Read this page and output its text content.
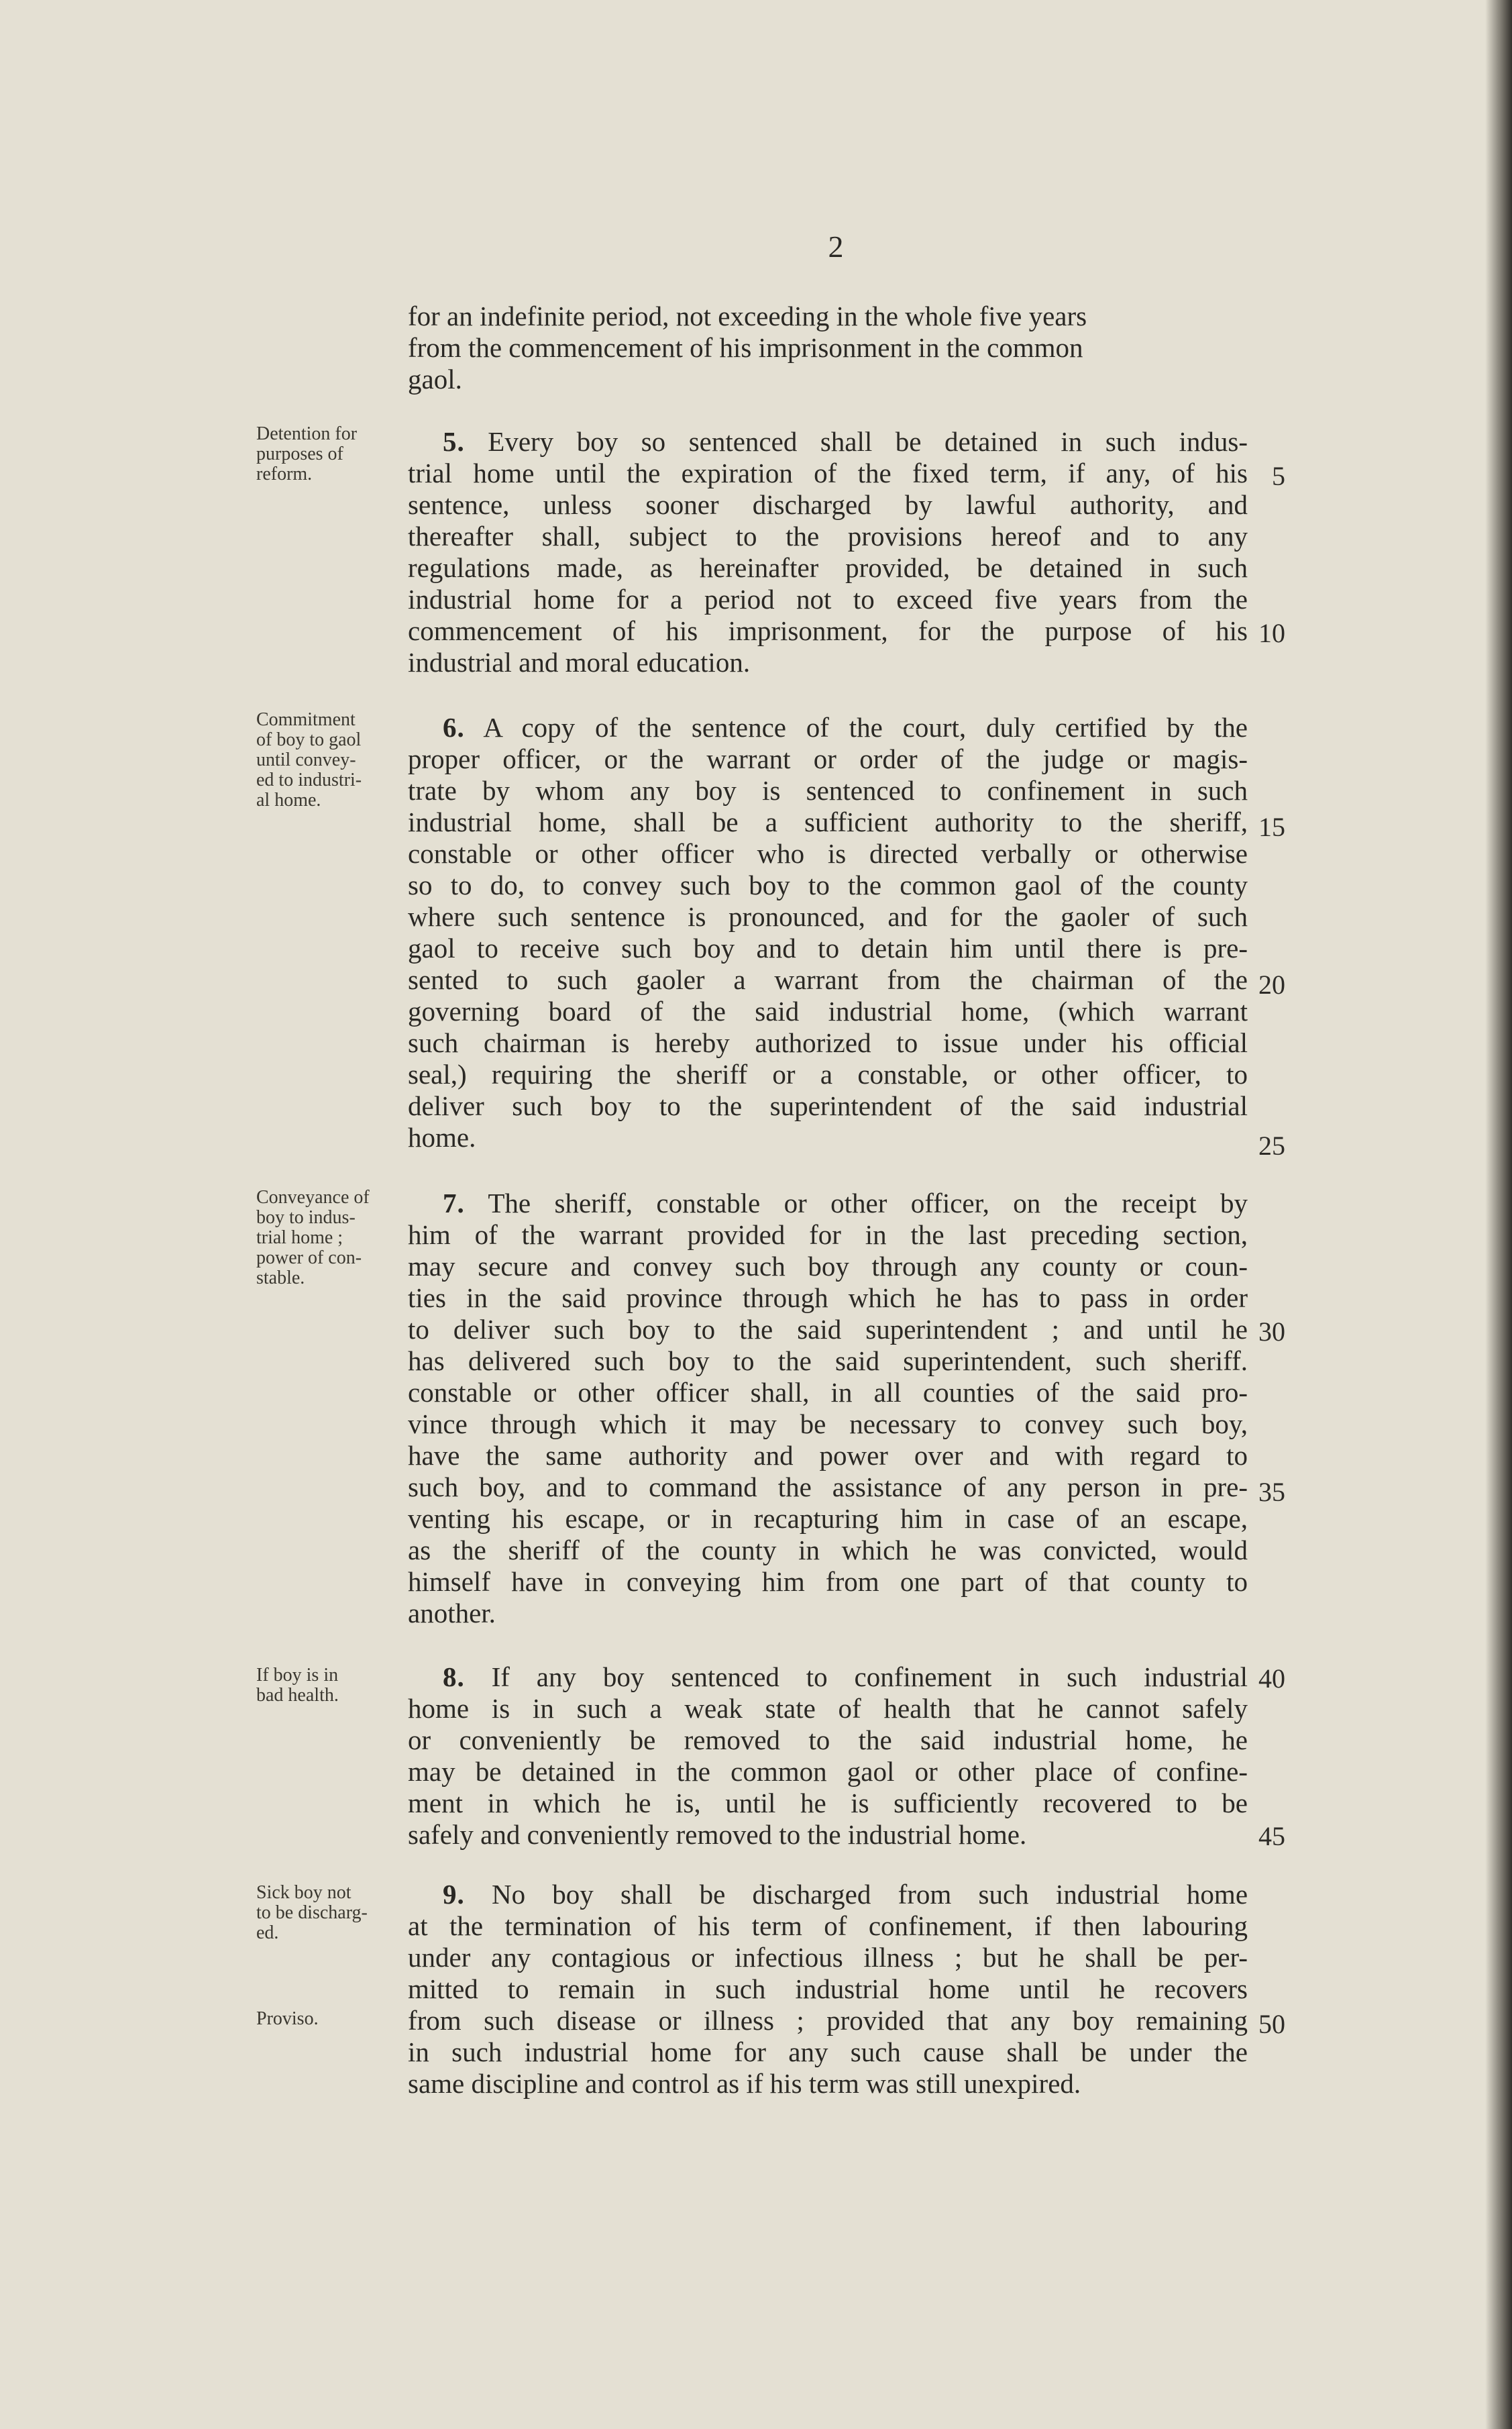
2
for an indefinite period, not exceeding in the whole five years
from the commencement of his imprisonment in the common
gaol.
Detention for
purposes of
reform.
5. Every boy so sentenced shall be detained in such indus-
trial home until the expiration of the fixed term, if any, of his
sentence, unless sooner discharged by lawful authority, and
thereafter shall, subject to the provisions hereof and to any
regulations made, as hereinafter provided, be detained in such
industrial home for a period not to exceed five years from the
commencement of his imprisonment, for the purpose of his
industrial and moral education.
Commitment
of boy to gaol
until convey-
ed to industri-
al home.
6. A copy of the sentence of the court, duly certified by the
proper officer, or the warrant or order of the judge or magis-
trate by whom any boy is sentenced to confinement in such
industrial home, shall be a sufficient authority to the sheriff,
constable or other officer who is directed verbally or otherwise
so to do, to convey such boy to the common gaol of the county
where such sentence is pronounced, and for the gaoler of such
gaol to receive such boy and to detain him until there is pre-
sented to such gaoler a warrant from the chairman of the
governing board of the said industrial home, (which warrant
such chairman is hereby authorized to issue under his official
seal,) requiring the sheriff or a constable, or other officer, to
deliver such boy to the superintendent of the said industrial
home.
Conveyance of
boy to indus-
trial home ;
power of con-
stable.
7. The sheriff, constable or other officer, on the receipt by
him of the warrant provided for in the last preceding section,
may secure and convey such boy through any county or coun-
ties in the said province through which he has to pass in order
to deliver such boy to the said superintendent ; and until he
has delivered such boy to the said superintendent, such sheriff.
constable or other officer shall, in all counties of the said pro-
vince through which it may be necessary to convey such boy,
have the same authority and power over and with regard to
such boy, and to command the assistance of any person in pre-
venting his escape, or in recapturing him in case of an escape,
as the sheriff of the county in which he was convicted, would
himself have in conveying him from one part of that county to
another.
If boy is in
bad health.
8. If any boy sentenced to confinement in such industrial
home is in such a weak state of health that he cannot safely
or conveniently be removed to the said industrial home, he
may be detained in the common gaol or other place of confine-
ment in which he is, until he is sufficiently recovered to be
safely and conveniently removed to the industrial home.
Sick boy not
to be discharg-
ed.
Proviso.
9. No boy shall be discharged from such industrial home
at the termination of his term of confinement, if then labouring
under any contagious or infectious illness ; but he shall be per-
mitted to remain in such industrial home until he recovers
from such disease or illness ; provided that any boy remaining
in such industrial home for any such cause shall be under the
same discipline and control as if his term was still unexpired.
5
10
15
20
25
30
35
40
45
50
